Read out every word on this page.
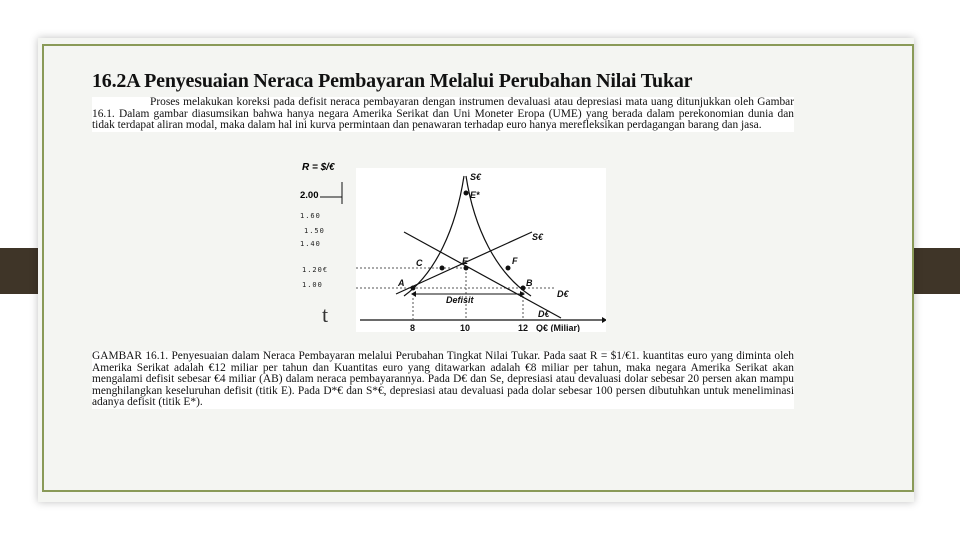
16.2A Penyesuaian Neraca Pembayaran Melalui Perubahan Nilai Tukar
Proses melakukan koreksi pada defisit neraca pembayaran dengan instrumen devaluasi atau depresiasi mata uang ditunjukkan oleh Gambar 16.1. Dalam gambar diasumsikan bahwa hanya negara Amerika Serikat dan Uni Moneter Eropa (UME) yang berada dalam perekonomian dunia dan tidak terdapat aliran modal, maka dalam hal ini kurva permintaan dan penawaran terhadap euro hanya merefleksikan perdagangan barang dan jasa.
R = $/€
2.00
1.60
1.50
1.40
1.20€
1.00
t
S€
E*
S€
C	E	F
A	B
D€
D€
Defisit
8	10	12 Q€ (Miliar)
GAMBAR 16.1. Penyesuaian dalam Neraca Pembayaran melalui Perubahan Tingkat Nilai Tukar. Pada saat R = $1/€1. kuantitas euro yang diminta oleh Amerika Serikat adalah €12 miliar per tahun dan Kuantitas euro yang ditawarkan adalah €8 miliar per tahun, maka negara Amerika Serikat akan mengalami defisit sebesar €4 miliar (AB) dalam neraca pembayarannya. Pada D€ dan Se, depresiasi atau devaluasi dolar sebesar 20 persen akan mampu menghilangkan keseluruhan defisit (titik E). Pada D*€ dan S*€, depresiasi atau devaluasi pada dolar sebesar 100 persen dibutuhkan untuk meneliminasi adanya defisit (titik E*).
